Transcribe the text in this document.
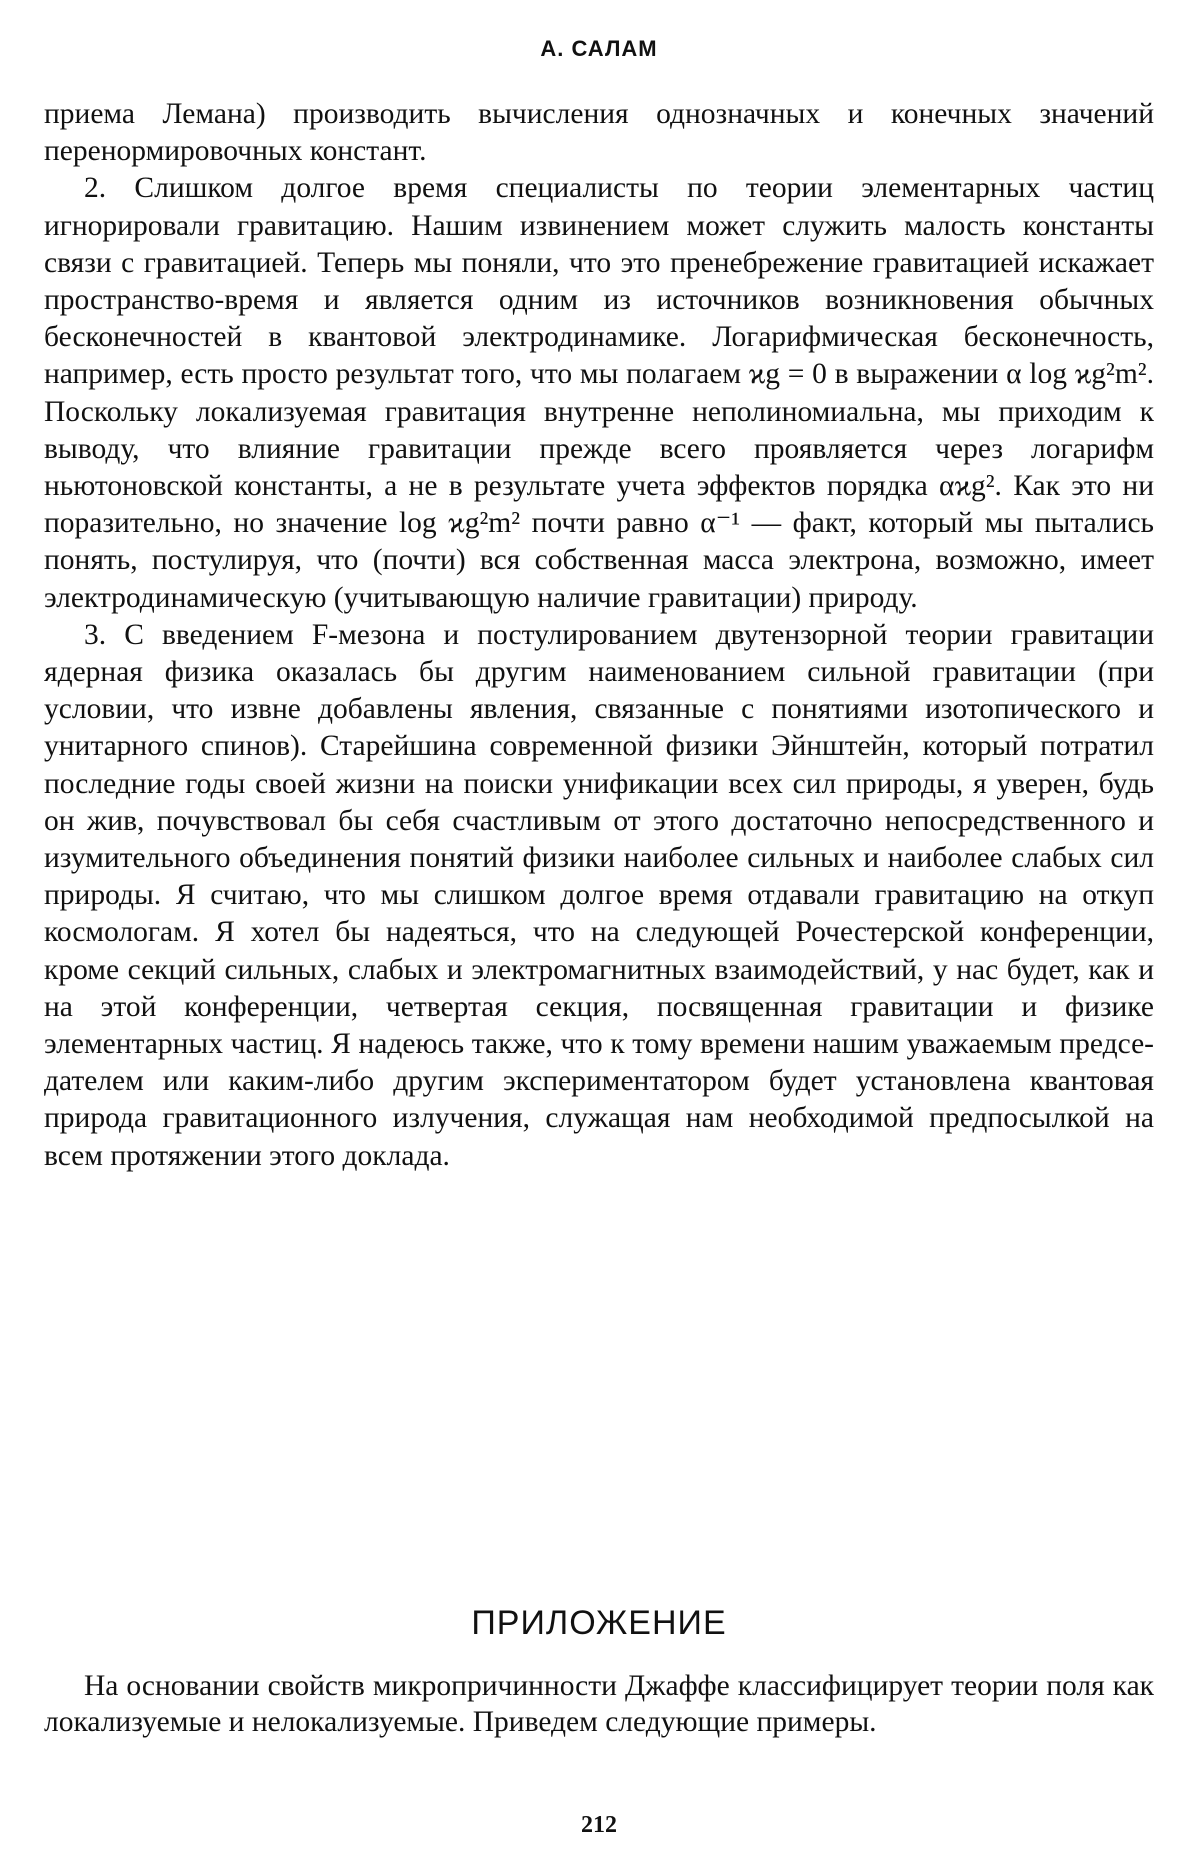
А. САЛАМ

приема Лемана) производить вычисления однозначных и конечных значений перенормировочных констант.

2. Слишком долгое время специалисты по теории элементарных частиц игнорировали гравитацию. Нашим извинением может служить малость константы связи с гравитацией. Теперь мы поняли, что это пренебрежение гравитацией искажает пространство-время и является одним из источников возникновения обычных бесконечностей в квантовой электродинамике. Логарифмическая бесконечность, например, есть просто результат того, что мы полагаем ϰg = 0 в выражении α log ϰg²m². Поскольку локализуемая гравитация внутренне неполиномиальна, мы приходим к выводу, что влияние гравитации прежде всего проявляется через логарифм ньютоновской константы, а не в результате учета эффектов порядка αϰg². Как это ни поразительно, но значение log ϰg²m² почти равно α⁻¹ — факт, который мы пытались понять, постулируя, что (почти) вся собственная масса электрона, возможно, имеет электродинамическую (учитывающую наличие гравитации) природу.

3. С введением F-мезона и постулированием двутензорной теории гравитации ядерная физика оказалась бы другим наименованием сильной гравитации (при условии, что извне добавлены явления, связанные с понятиями изотопического и унитарного спинов). Старейшина современной физики Эйнштейн, который потратил последние годы своей жизни на поиски унификации всех сил природы, я уверен, будь он жив, почувствовал бы себя счастливым от этого достаточно непосредственного и изумительного объединения понятий физики наиболее сильных и наиболее слабых сил природы. Я считаю, что мы слишком долгое время отдавали гравитацию на откуп космологам. Я хотел бы надеяться, что на следующей Рочестерской конференции, кроме секций сильных, слабых и электромагнитных взаимодействий, у нас будет, как и на этой конференции, четвертая секция, посвященная гравитации и физике элементарных частиц. Я надеюсь также, что к тому времени нашим уважаемым председателем или каким-либо другим экспериментатором будет установлена квантовая природа гравитационного излучения, служащая нам необходимой предпосылкой на всем протяжении этого доклада.

ПРИЛОЖЕНИЕ

На основании свойств микропричинности Джаффе классифицирует теории поля как локализуемые и нелокализуемые. Приведем следующие примеры.

212
